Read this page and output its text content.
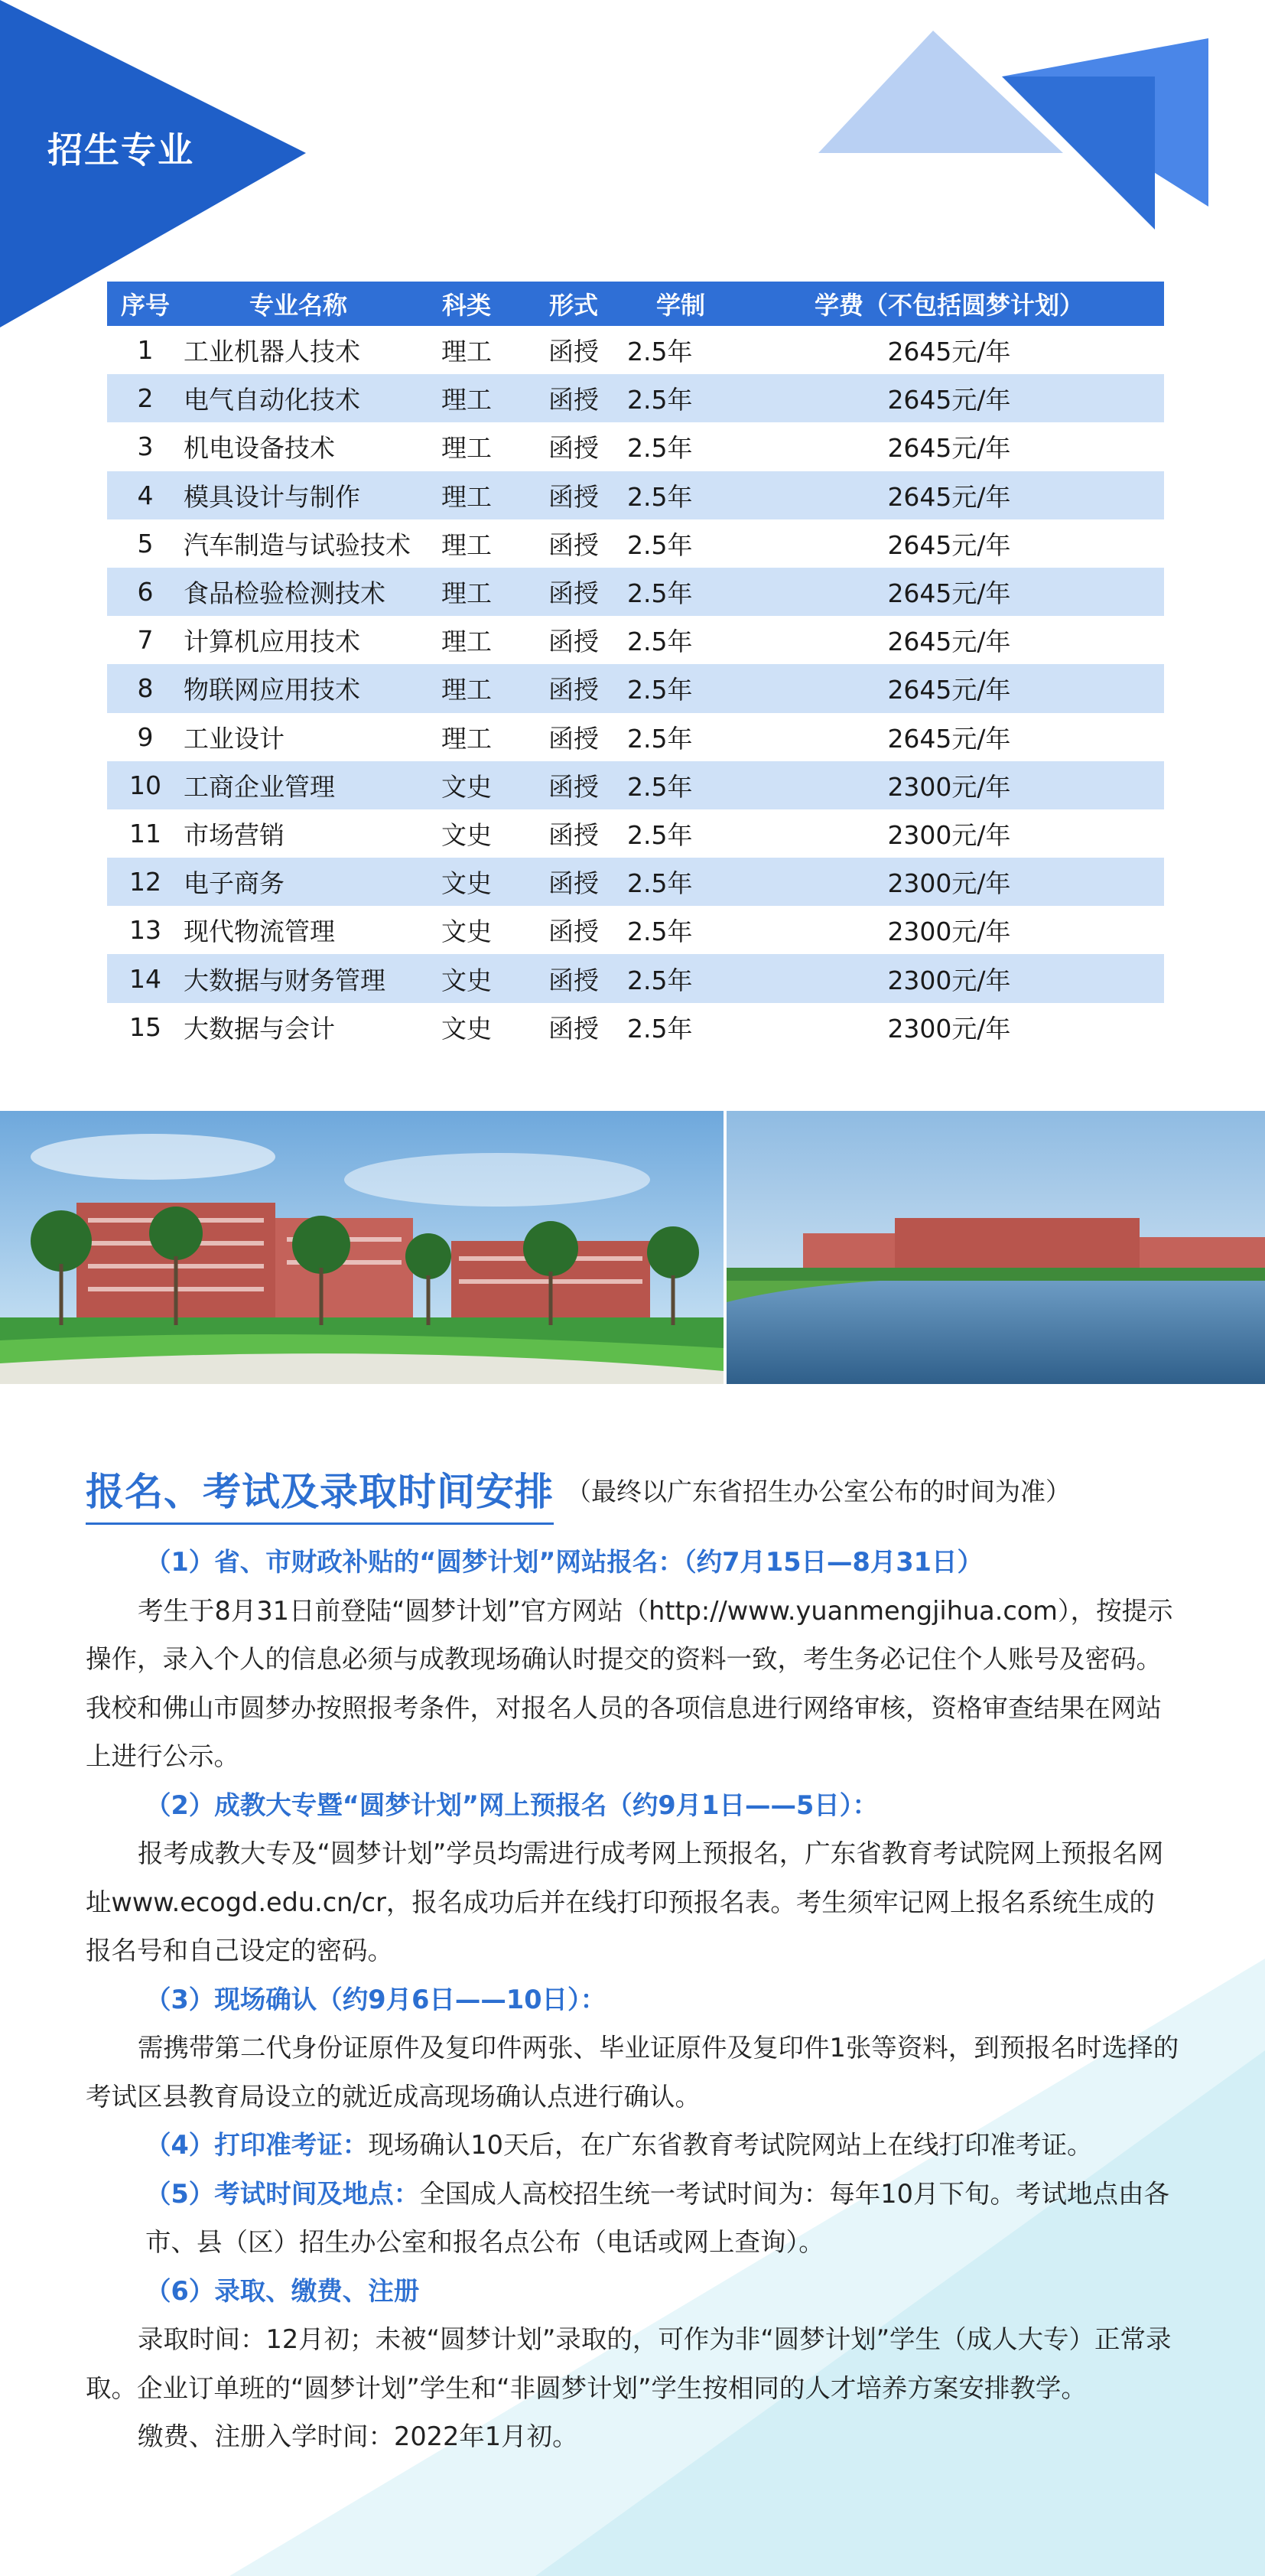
招生专业
序号	专业名称	科类	形式	学制	学费（不包括圆梦计划）
1	工业机器人技术	理工	函授	2.5年	2645元/年
2	电气自动化技术	理工	函授	2.5年	2645元/年
3	机电设备技术	理工	函授	2.5年	2645元/年
4	模具设计与制作	理工	函授	2.5年	2645元/年
5	汽车制造与试验技术	理工	函授	2.5年	2645元/年
6	食品检验检测技术	理工	函授	2.5年	2645元/年
7	计算机应用技术	理工	函授	2.5年	2645元/年
8	物联网应用技术	理工	函授	2.5年	2645元/年
9	工业设计	理工	函授	2.5年	2645元/年
10	工商企业管理	文史	函授	2.5年	2300元/年
11	市场营销	文史	函授	2.5年	2300元/年
12	电子商务	文史	函授	2.5年	2300元/年
13	现代物流管理	文史	函授	2.5年	2300元/年
14	大数据与财务管理	文史	函授	2.5年	2300元/年
15	大数据与会计	文史	函授	2.5年	2300元/年
报名、考试及录取时间安排 （最终以广东省招生办公室公布的时间为准）

（1）省、市财政补贴的“圆梦计划”网站报名：（约7月15日—8月31日）

考生于8月31日前登陆“圆梦计划”官方网站（http://www.yuanmengjihua.com），按提示操作，录入个人的信息必须与成教现场确认时提交的资料一致，考生务必记住个人账号及密码。我校和佛山市圆梦办按照报考条件，对报名人员的各项信息进行网络审核，资格审查结果在网站上进行公示。

（2）成教大专暨“圆梦计划”网上预报名（约9月1日——5日）：

报考成教大专及“圆梦计划”学员均需进行成考网上预报名，广东省教育考试院网上预报名网址www.ecogd.edu.cn/cr，报名成功后并在线打印预报名表。考生须牢记网上报名系统生成的报名号和自己设定的密码。

（3）现场确认（约9月6日——10日）：

需携带第二代身份证原件及复印件两张、毕业证原件及复印件1张等资料，到预报名时选择的考试区县教育局设立的就近成高现场确认点进行确认。

（4）打印准考证：现场确认10天后，在广东省教育考试院网站上在线打印准考证。

（5）考试时间及地点：全国成人高校招生统一考试时间为：每年10月下旬。考试地点由各市、县（区）招生办公室和报名点公布（电话或网上查询）。

（6）录取、缴费、注册

录取时间：12月初；未被“圆梦计划”录取的，可作为非“圆梦计划”学生（成人大专）正常录取。企业订单班的“圆梦计划”学生和“非圆梦计划”学生按相同的人才培养方案安排教学。

缴费、注册入学时间：2022年1月初。
